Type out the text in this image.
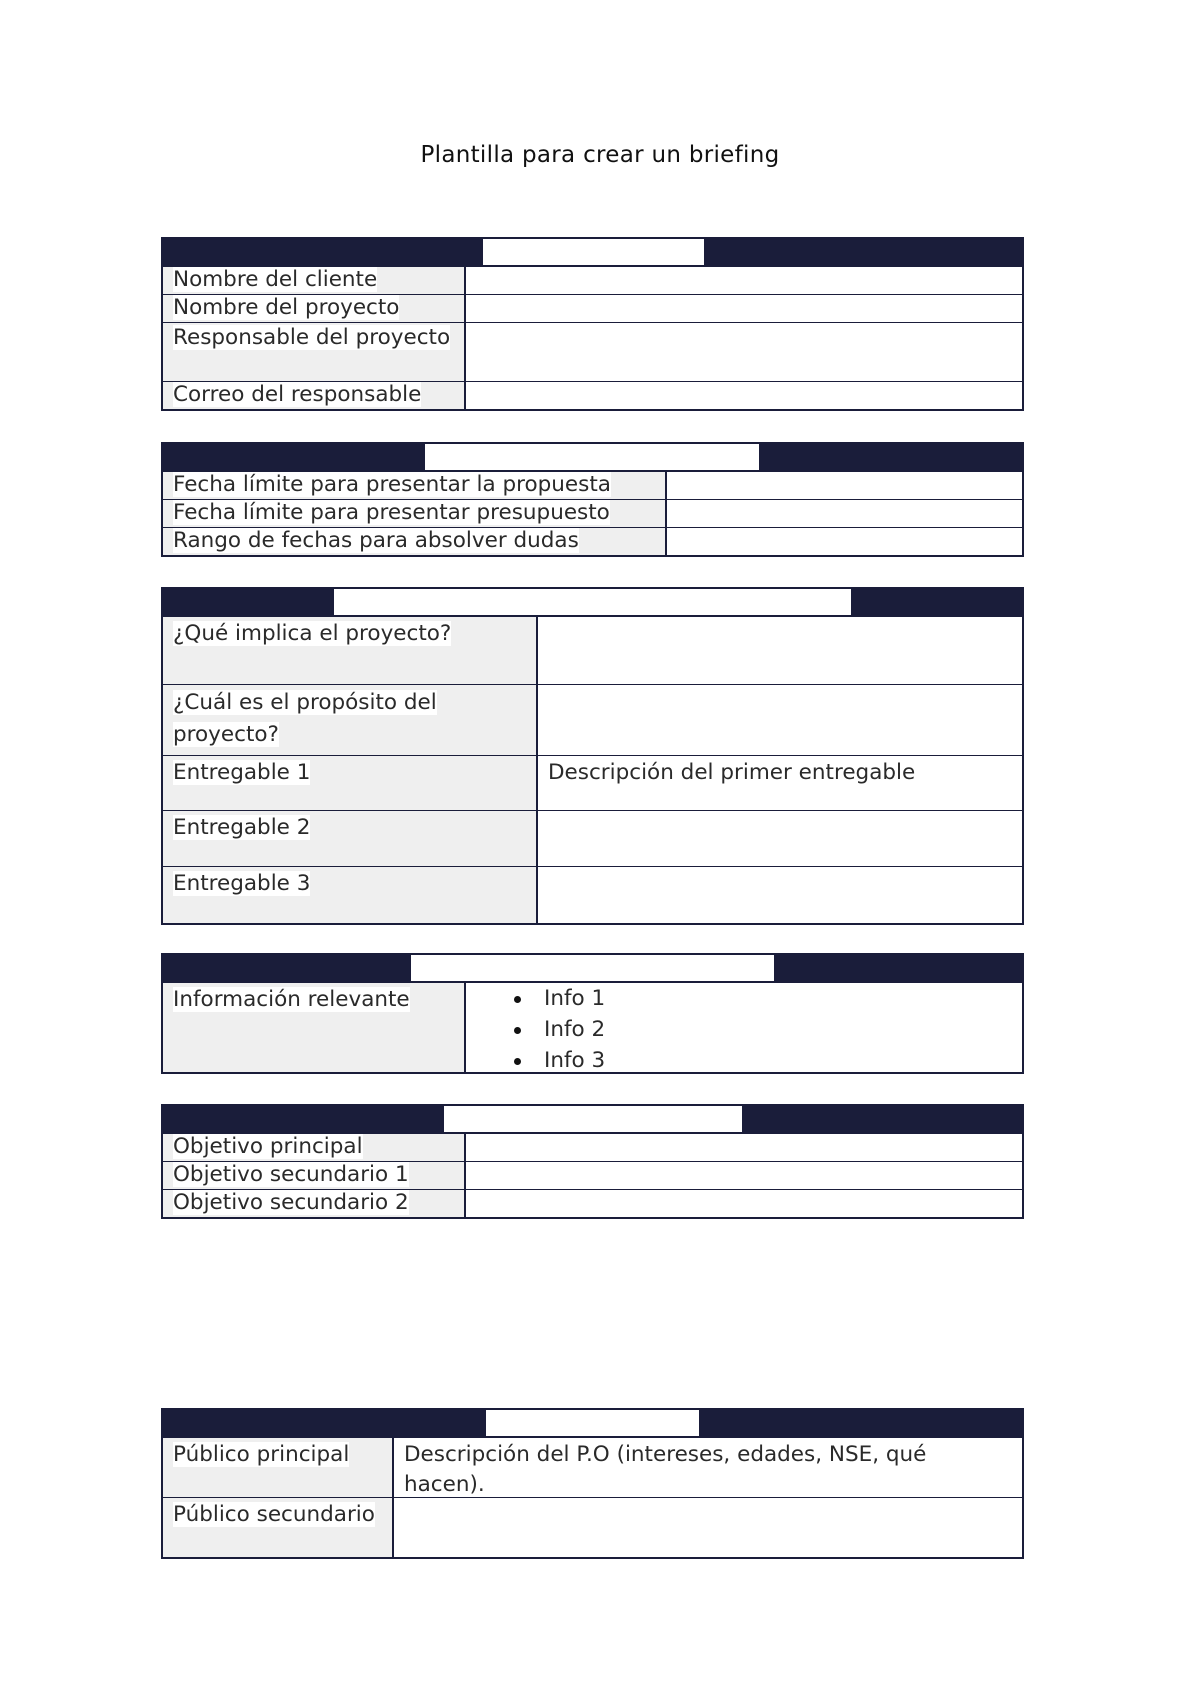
Plantilla para crear un briefing
Nombre del cliente
Nombre del proyecto
Responsable del proyecto
Correo del responsable
Fecha límite para presentar la propuesta
Fecha límite para presentar presupuesto
Rango de fechas para absolver dudas
¿Qué implica el proyecto?
¿Cuál es el propósito del proyecto?
Entregable 1	Descripción del primer entregable
Entregable 2
Entregable 3
Información relevante	Info 1
Info 2
Info 3
Objetivo principal
Objetivo secundario 1
Objetivo secundario 2
Público principal	Descripción del P.O (intereses, edades, NSE, qué hacen).
Público secundario
